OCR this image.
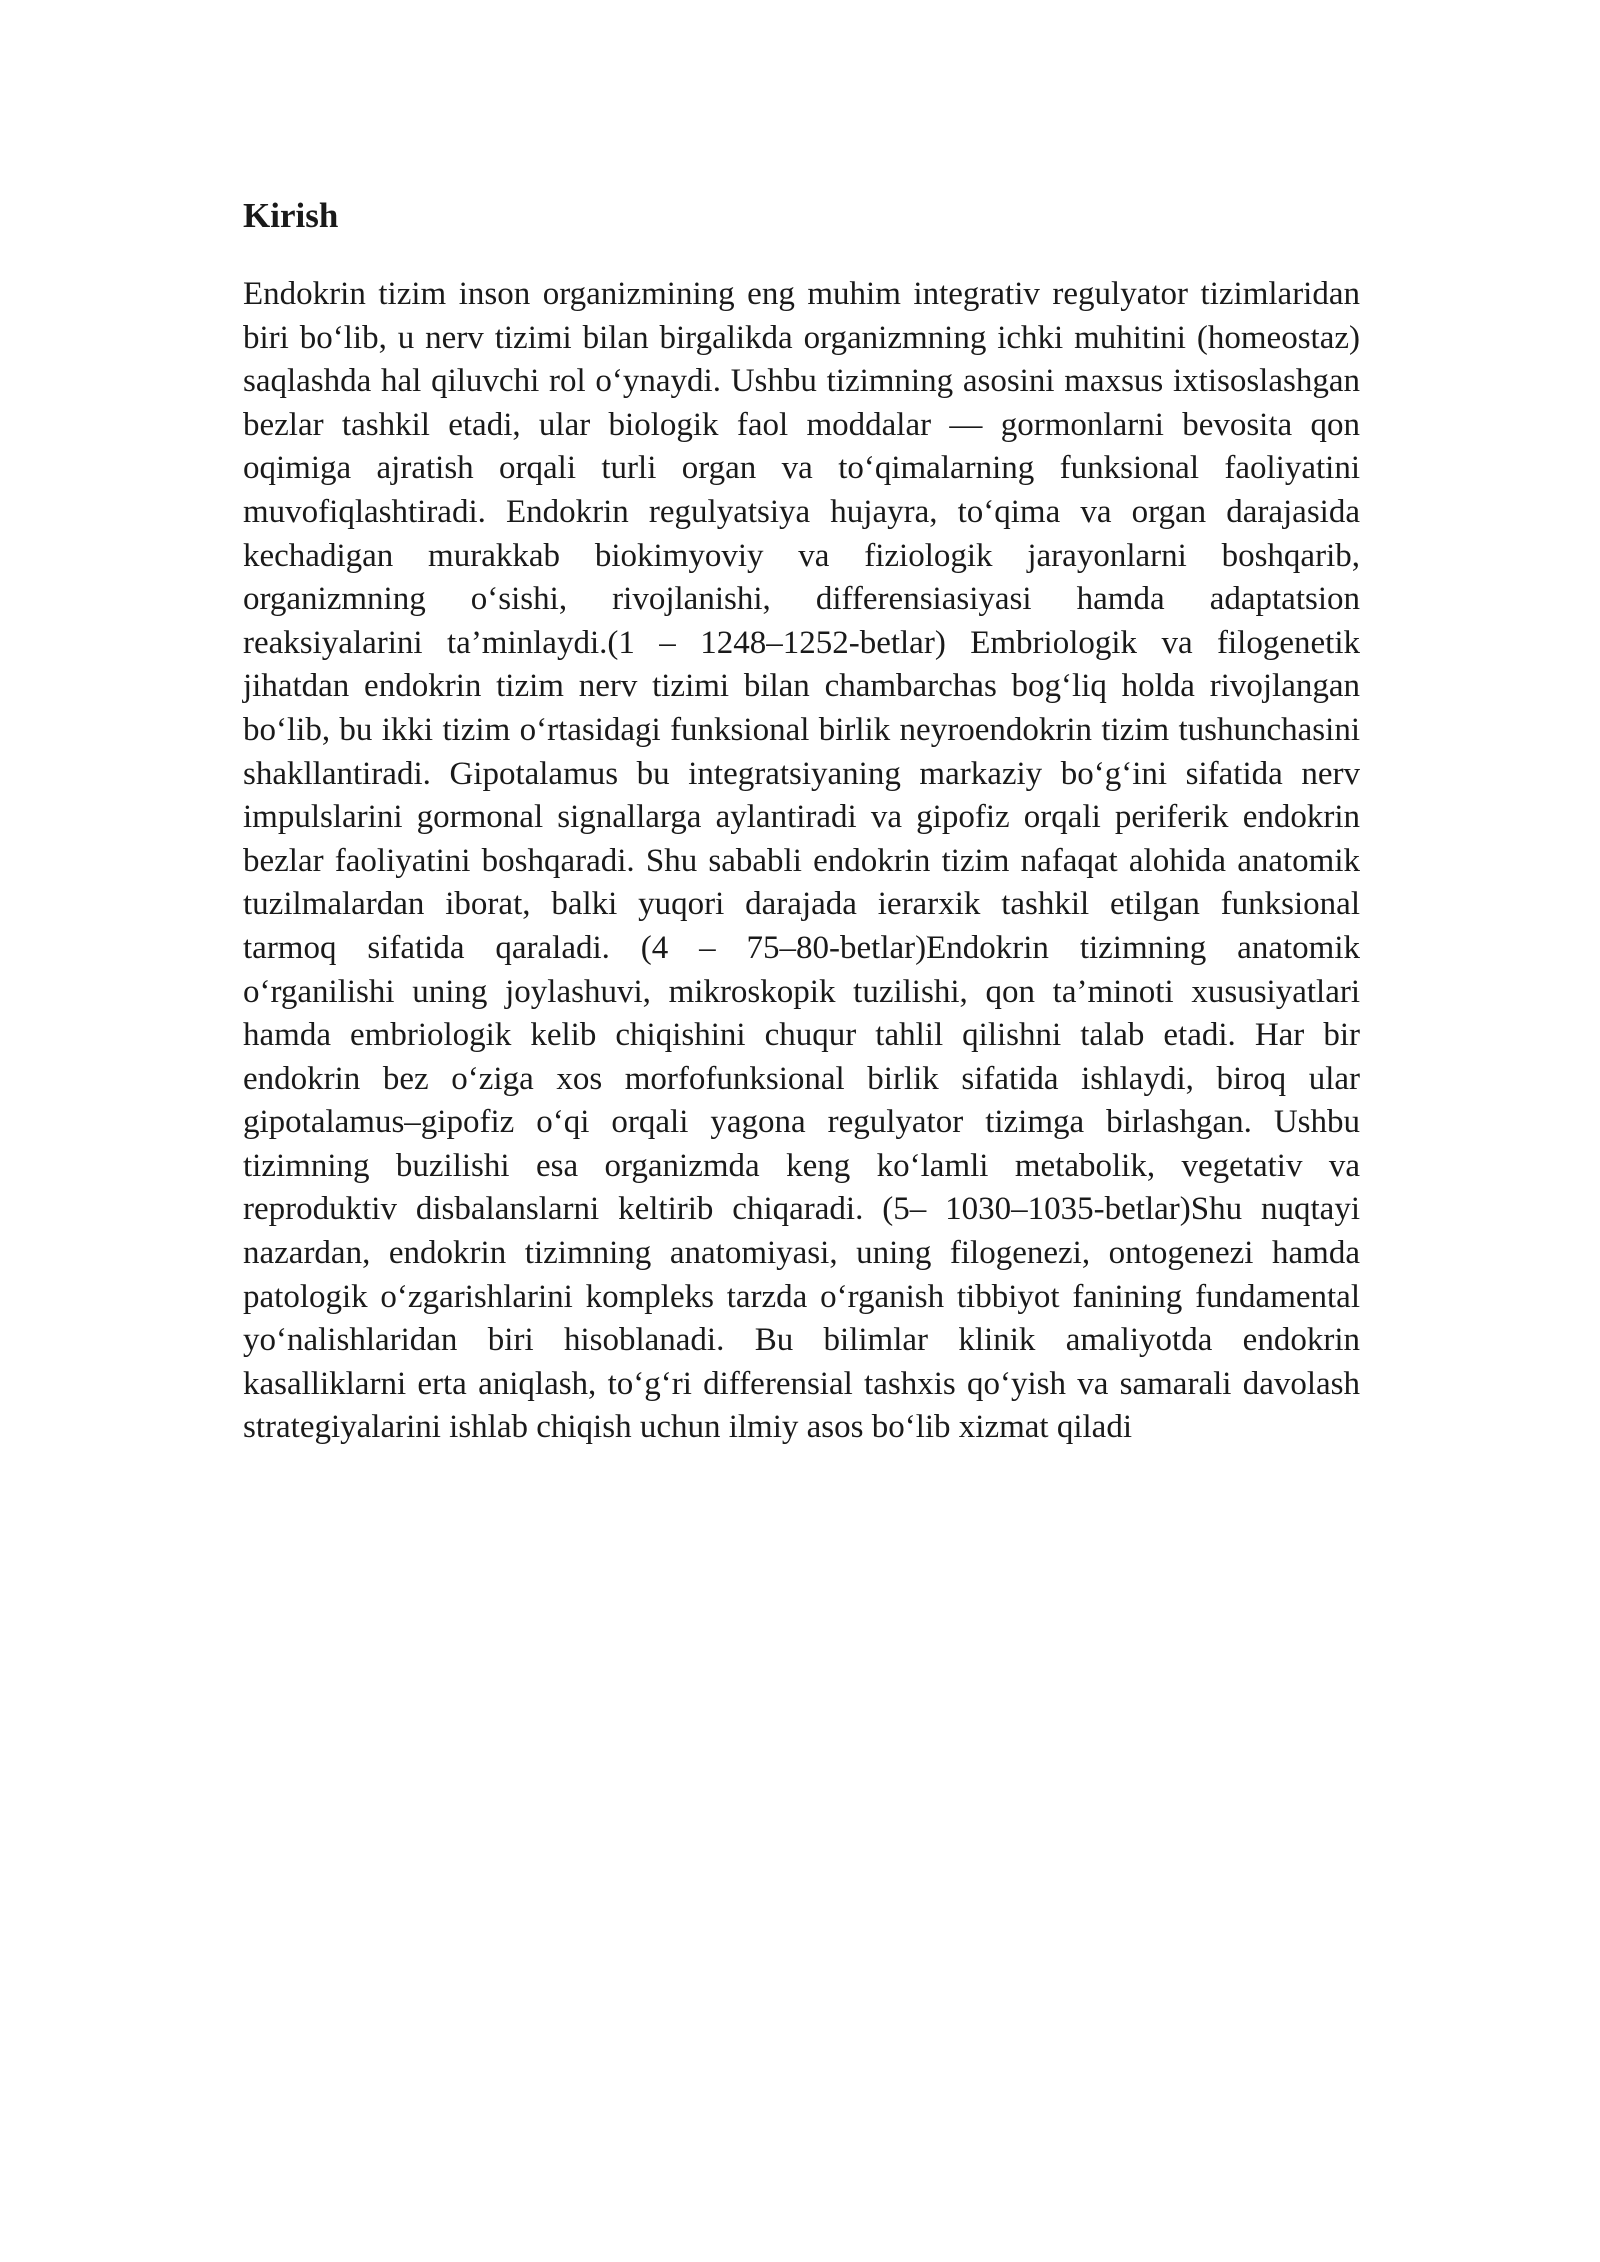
Kirish

Endokrin tizim inson organizmining eng muhim integrativ regulyator tizimlaridan biri bo‘lib, u nerv tizimi bilan birgalikda organizmning ichki muhitini (homeostaz) saqlashda hal qiluvchi rol o‘ynaydi. Ushbu tizimning asosini maxsus ixtisoslashgan bezlar tashkil etadi, ular biologik faol moddalar — gormonlarni bevosita qon oqimiga ajratish orqali turli organ va to‘qimalarning funksional faoliyatini muvofiqlashtiradi. Endokrin regulyatsiya hujayra, to‘qima va organ darajasida kechadigan murakkab biokimyoviy va fiziologik jarayonlarni boshqarib, organizmning o‘sishi, rivojlanishi, differensiasiyasi hamda adaptatsion reaksiyalarini ta’minlaydi.(1 – 1248–1252-betlar) Embriologik va filogenetik jihatdan endokrin tizim nerv tizimi bilan chambarchas bog‘liq holda rivojlangan bo‘lib, bu ikki tizim o‘rtasidagi funksional birlik neyroendokrin tizim tushunchasini shakllantiradi. Gipotalamus bu integratsiyaning markaziy bo‘g‘ini sifatida nerv impulslarini gormonal signallarga aylantiradi va gipofiz orqali periferik endokrin bezlar faoliyatini boshqaradi. Shu sababli endokrin tizim nafaqat alohida anatomik tuzilmalardan iborat, balki yuqori darajada ierarxik tashkil etilgan funksional tarmoq sifatida qaraladi. (4 – 75–80-betlar)Endokrin tizimning anatomik o‘rganilishi uning joylashuvi, mikroskopik tuzilishi, qon ta’minoti xususiyatlari hamda embriologik kelib chiqishini chuqur tahlil qilishni talab etadi. Har bir endokrin bez o‘ziga xos morfofunksional birlik sifatida ishlaydi, biroq ular gipotalamus–gipofiz o‘qi orqali yagona regulyator tizimga birlashgan. Ushbu tizimning buzilishi esa organizmda keng ko‘lamli metabolik, vegetativ va reproduktiv disbalanslarni keltirib chiqaradi. (5– 1030–1035-betlar)Shu nuqtayi nazardan, endokrin tizimning anatomiyasi, uning filogenezi, ontogenezi hamda patologik o‘zgarishlarini kompleks tarzda o‘rganish tibbiyot fanining fundamental yo‘nalishlaridan biri hisoblanadi. Bu bilimlar klinik amaliyotda endokrin kasalliklarni erta aniqlash, to‘g‘ri differensial tashxis qo‘yish va samarali davolash strategiyalarini ishlab chiqish uchun ilmiy asos bo‘lib xizmat qiladi
